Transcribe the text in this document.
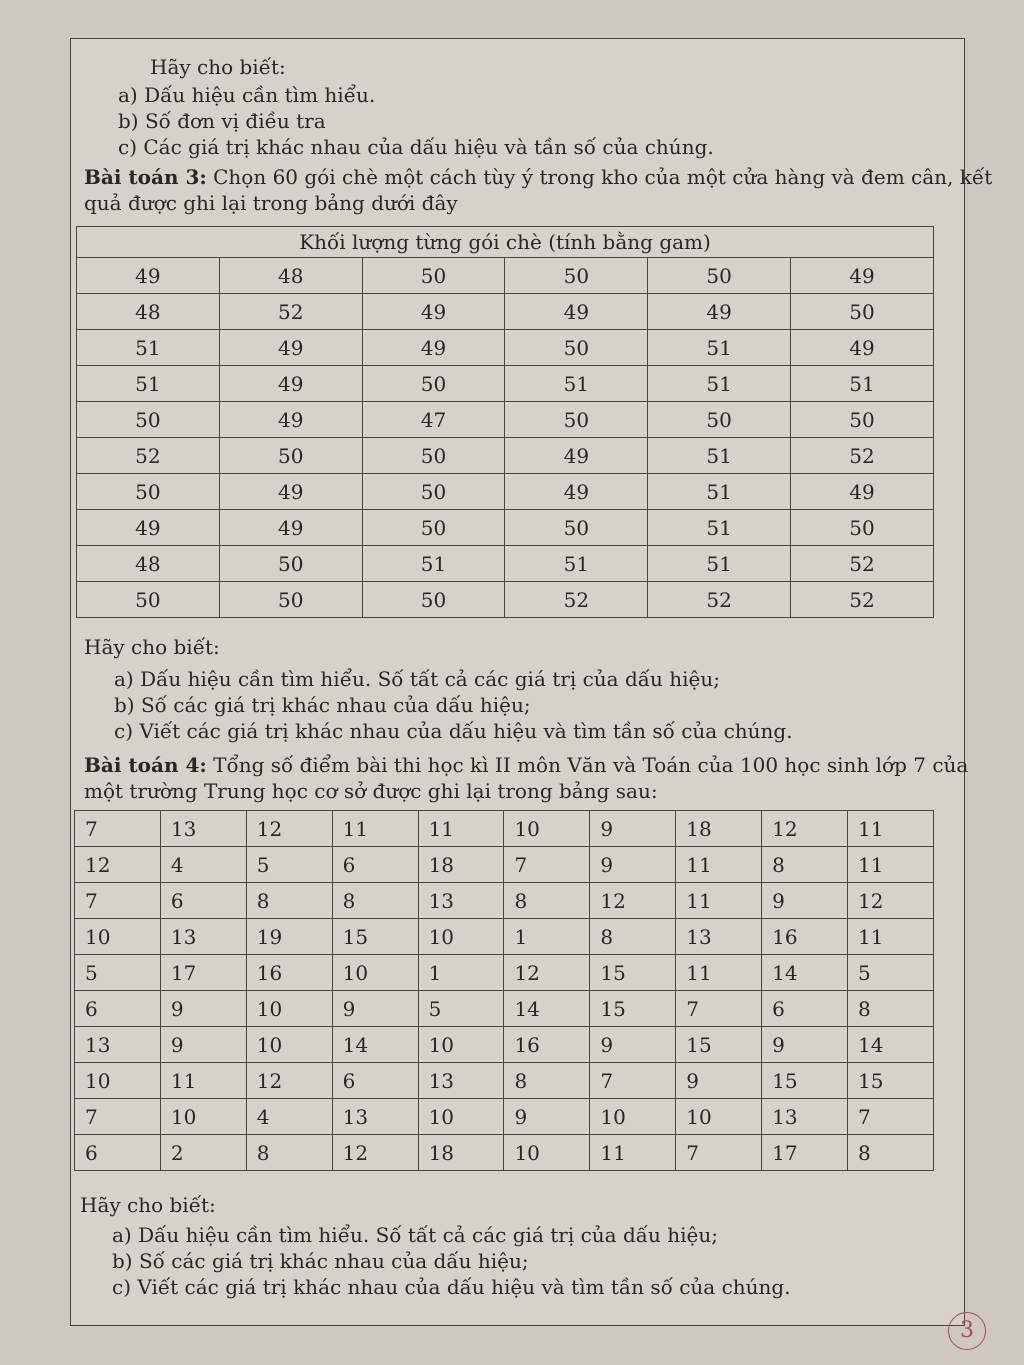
Hãy cho biết:
a) Dấu hiệu cần tìm hiểu.
b) Số đơn vị điều tra
c) Các giá trị khác nhau của dấu hiệu và tần số của chúng.
Bài toán 3: Chọn 60 gói chè một cách tùy ý trong kho của một cửa hàng và đem cân, kết
quả được ghi lại trong bảng dưới đây
Khối lượng từng gói chè (tính bằng gam)					
49	48	50	50	50	49
48	52	49	49	49	50
51	49	49	50	51	49
51	49	50	51	51	51
50	49	47	50	50	50
52	50	50	49	51	52
50	49	50	49	51	49
49	49	50	50	51	50
48	50	51	51	51	52
50	50	50	52	52	52
Hãy cho biết:
a) Dấu hiệu cần tìm hiểu. Số tất cả các giá trị của dấu hiệu;
b) Số các giá trị khác nhau của dấu hiệu;
c) Viết các giá trị khác nhau của dấu hiệu và tìm tần số của chúng.
Bài toán 4: Tổng số điểm bài thi học kì II môn Văn và Toán của 100 học sinh lớp 7 của
một trường Trung học cơ sở được ghi lại trong bảng sau:
7	13	12	11	11	10	9	18	12	11
12	4	5	6	18	7	9	11	8	11
7	6	8	8	13	8	12	11	9	12
10	13	19	15	10	1	8	13	16	11
5	17	16	10	1	12	15	11	14	5
6	9	10	9	5	14	15	7	6	8
13	9	10	14	10	16	9	15	9	14
10	11	12	6	13	8	7	9	15	15
7	10	4	13	10	9	10	10	13	7
6	2	8	12	18	10	11	7	17	8
Hãy cho biết:
a) Dấu hiệu cần tìm hiểu. Số tất cả các giá trị của dấu hiệu;
b) Số các giá trị khác nhau của dấu hiệu;
c) Viết các giá trị khác nhau của dấu hiệu và tìm tần số của chúng.
3
